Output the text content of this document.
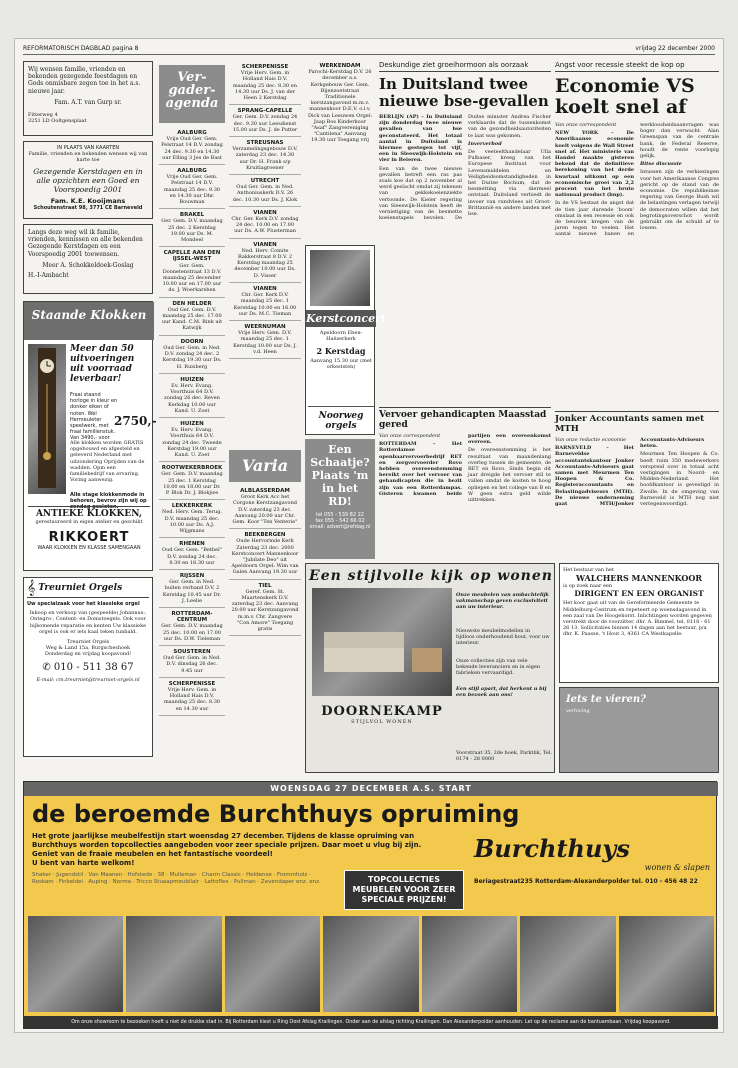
REFORMATORISCH DAGBLAD pagina 8	vrijdag 22 december 2000
Wij wensen familie, vrienden en bekenden gezegende feestdagen en Gods onmisbare zegen toe in het a.s. nieuwe jaar.
Fam. A.T. van Gurp sr.
Fitterweg 4
3251 LD Ooltgensplaat
IN PLAATS VAN KAARTEN
Familie, vrienden en bekenden wensen wij van harte toe
Gezegende Kerstdagen en in alle opzichten een Goed en Voorspoedig 2001
Fam. K.E. Kooijmans
Schoutenstraat 98, 3771 CE Barneveld
Langs deze weg wil ik familie, vrienden, kennissen en alle bekenden Gezegende Kerstdagen en een Voorspoedig 2001 toewensen.
Meer A. Schokkeldoek-Goslag
H.-I-Ambacht
Staande Klokken
Meer dan 50
uitvoeringen
uit voorraad
leverbaar!
Fraai staand horloge in kleur en donker eiken of noten. Wel Hermeuleter speelwerk, met fraai famillenstuk. Van 3490,- voor
2750,-
Alle klokken worden GRATIS opgebouwd en afgesteld en geleverd Nederland met uitzondering Oprijden van de wadden. Opm een familiebedrijf van ervaring. Voring aanwezig.
Alle stage klokkenmode in behoren, bevrov zijn wij op zondag gesloten.
ANTIEKE KLOKKEN,
gerestaureerd in eigen atelier en geschikt
RIKKOERT
WAAR KLOKKEN EN KLASSE SAMENGAAN
𝄞 Treurniet Orgels
Uw specialzaak voor het klassieke orgel
Inkoop en verkoop van (gespeelde) Johannus-, Ontegro-, Content- en Domstoegels. Ook voor bijkomende reparatie en kenten Uw klassieke orgel is ook er iets kaal teken tunbald.
Treurniet Orgels
Weg & Land 15a, Burgscheshoek
Donderdag en vrijdag koopavond!
✆ 010 - 511 38 67
E-mail: cm.treurniet@treurniet-orgels.nl
Ver-gader-agenda
AALBURG
Vrije Oud Ger. Gem. Pelstraat 14 D.V. zondag 24 dec. 9.30 en 14.30 uur Elling 3 Jes de Bast
AALBURG
Vrije Oud Ger. Gem. Pelstraat 14 D.V. maandag 25 dec. 9.30 en 14.30 uur Dhr. Bouwman
BRAKEL
Ger. Gem. D.V. maandag 25 dec. 2 Kerstdag 19.00 uur Ds. M. Mondeel
CAPELLE AAN DEN IJSSEL-WEST
Ger. Gem. Doonetenstraat 13 D.V. maandag 25 december 10.00 uur en 17.00 uur ds. J. Woerkarsben
DEN HELDER
Oud Ger. Gem. D.V. maandag 25 dec. 17.00 uur Kand. C.M. Rink uit Katwijk
DOORN
Oud Ger. Gem. in Ned. D.V. zondag 24 dec. 2 Kerstdag 19.30 uur Ds. H. Ruisberg
HUIZEN
Ev. Herv. Evang. Voorthuis 64 D.V. zondag 26 dec. Reven Kerkdag 10.00 uur Kand. U. Zoet
HUIZEN
Ev. Herv. Evang. Voorthuis 64 D.V. zondag 24 dec. Tweede Kerstdag 19.00 uur Kand. U. Zoet
ROOTWEKERBROEK
Ger. Gem. D.V. maandag 25 dec. 1 Kerstdag 10.00 en 18.00 uur Dr. P. Blok Dr. J. Blokjwe
LEKKERKERK
Ned. Herv. Gem. Terug. D.V. maandag 25 dec. 10.00 uur Ds. A.J. Wijgmans
RHENEN
Oud Ger. Gem. "Bethel" D.V. zondag 24 dec. 8.30 en 18.30 uur
RIJSSEN
Ger. Gem. in Ned. buiten verband D.V. 2 Kerstdag 10.45 uur Dr. J. Leelie
ROTTERDAM-CENTRUM
Ger. Gem. D.V. maandag 25 dec. 10.00 en 17.00 uur Ds. D.W. Tieleman
SOUSTEREN
Oud Ger. Gem. in Ned. D.V. dinsdag 26 dec. 9.45 uur
SCHERPENISSE
Vrije Herv. Gem. in Holland Hais D.V. maandag 25 dec. 8.30 en 14.30 uur
SCHERPENISSE
Vrije Herv. Gem. in Holland Hais D.V. maandag 25 dec. 8.30 en 14.30 uur Ds. J. van der Heen 2 Kerstdag
SPRANG-CAPELLE
Ger. Gem. D.V. zondag 24 dec. 9.30 uur Leesdienst 15.00 uur Ds. J. de Putter
STREUSNAS
Verzamelingsgebouw D.V. zaterdag 23 dec. 14.30 uur Dr. H. Frank s/p Kruitlagroener
UTRECHT
Oud Ger. Gem. in Ned. Anthoniuskerk D.V. 26 dec. 10.30 uur Ds. J. Klok
VIANEN
Chr. Ger. Kerk D.V. zondag 24 dec. 10.00 en 17.00 uur Ds. A.W. Plusterman
VIANEN
Ned. Herv. Comite Rakkerstraat 8 D.V. 2 Kerstdag maandag 25 december 10.00 uur Ds. D. Visser
VIANEN
Chr. Ger. Kerk D.V. maandag 25 dec. 1 Kerstdag 10.00 en 16.00 uur Ds. M.C. Tieman
WEERNUMAN
Vrije Herv. Gem. D.V. maandag 25 dec. 1 Kerstdag 10.00 uur Ds. J. v.d. Heen
Varia
ALBLASSERDAM
Groot Kerk Acc het Corgone Kerstzangavond D.V. zaterdag 23 dec. Aanvang 20.00 uur Chr. Gem. Koor "Ten Venterie"
BEEKBERGEN
Oude Hervormde Kerk Zaterdag 23 dec. 2000 Kerstconcert Mannenkoor "Jubilate Deo" uit Apeldoorn Orgel: Wim van Galen Aanvang 19.30 uur
TIEL
Geref. Gem. St. Maartenskerk D.V. zaterdag 23 dec. Aanvang 20.00 uur Kerstzangavond m.m.v. Chr. Zangvere "Con Amore" Toegang gratis
WERKENDAM
Parochi-Kerstdag D.V. 26 december a.s. Kerkgebouw Ger. Gem. Bijenzoetstraat Traditionele kerstzangavond m.m.v. mannenkoor D.E.V. o.l.v. Dick van Leeuwen Orgel: Jaap Bos Kinderkoor "Asaf" Zangvereniging "Cantilena" Aanvang 19.30 uur Toegang vrij
Kerstconcert
Apeldoorn Eben-Haëzerkerk
2 Kerstdag
Aanvang 15.30 uur (met orkeststen)
Noorweg orgels
Een Schaatje? Plaats 'm in het RD!
tel 055 - 539 82 22
fax 055 - 542 66 02
email: advert@refdag.nl
Deskundige ziet groeihormoon als oorzaak
In Duitsland twee nieuwe bse-gevallen

BERLIJN (AP) – In Duitsland zijn donderdag twee nieuwe gevallen van bse geconstateerd. Het totaal aantal in Duitsland is hiermee gestegen tot vijf, een in Sleeswijk-Holstein en vier in Beieren.

Een van de twee nieuwe gevallen betreft een ras pas zoals koe dat op 2 november al werd geslacht omdat zij tekenen van gekkekoeienziekte vertoonde. De Kieler regering van Sleeswijk-Holstein heeft de vernietiging van de besmette koeienstapels bevolen. De Duitse minister Andrea Fischer verklaarde dat de tussenkomst van de gezondheidsautoriteiten te laat was gekomen.

Inververbod

De veeteelthandelaar Ulla Pulbaser, kreeg van het Europese Instituut voor Levensmiddelen en Veiligheidsomstandigheden in het Duitse Bochum, dat de besmetting via diermeel ontstaat. Duitsland verbiedt de invoer van rundvlees uit Groot-Brittannië en andere landen met bse.

Vervoer gehandicapten Maasstad gered

Van onze correspondent

ROTTERDAM – Het Rotterdamse openbaarvervoerbedrijf RET en zorgvervoerder Rovo hebben overeenstemming bereikt over het vervoer van gehandicapten die in bezit zijn van een Rotterdampas. Gisteren kwamen beide partijen een overeenkomst overeen.

De overeenstemming is het resultaat van maandenlang overleg tussen de gemeente, de RET en Rovo. Sinds begin dit jaar dreigde het vervoer stil te vallen omdat de kosten te hoog opliepen en het college van B en W geen extra geld wilde uittrekken.

Angst voor recessie steekt de kop op
Economie VS koelt snel af

Van onze correspondent

NEW YORK – De Amerikaanse economie koelt volgens de Wall Street snel af. Het ministerie van Handel maakte gisteren bekend dat de definitieve berekening van het derde kwartaal uitkomt op een economische groei van 2,2 procent van het bruto nationaal product (bnp).

In de VS bestaat de angst dat de tien jaar durende 'boom' omslaat in een recessie en ook de beurzen kregen van de jaren tegen te voelen. Het aantal nieuwe banen en werkloosheidsaanvragen was hoger dan verwacht. Alan Greenspan van de centrale bank, de Federal Reserve, houdt de rente voorlopig gelijk.

Bitse discussie

Intussen zijn de verkiezingen voor het Amerikaanse Congres gericht op de stand van de economie. De republikeinse regering van George Bush wil de belastingen verlagen terwijl de democraten willen dat het begrotingsoverschot wordt gebruikt om de schuld af te lossen.

Jonker Accountants samen met MTH

Van onze redactie economie

BARNEVELD – Het Barneveldse accountantskantoor Jonker Accountants-Adviseurs gaat samen met Meurmen Ten Hoopen & Co. Registeraccountants en Belastingadviseurs (MTH). De nieuwe onderneming gaat MTH/Jonker Accountants-Adviseurs heten.

Meurmen Ten Hoopen & Co. heeft ruim 350 medewerkers verspreid over in totaal acht vestigingen in Noord- en Midden-Nederland. Het hoofdkantoor is gevestigd in Zwolle. In de omgeving van Barneveld is MTH nog niet vertegenwoordigd.

Een stijlvolle kijk op wonen
Onze meubelen van ambachtelijk vakmanschap geven exclusiviteit aan uw interieur.
Nieuwste meubelmodellen in tijdloos onderhoudend hout, voor uw interieur.
Onze collecties zijn van vele bekende leveranciers en in eigen fabrieken vervaardigd.
Een stijl apart, dat herkent u bij een bezoek aan ons!
DOORNEKAMP
STIJLVOL WONEN
Voorstraat 35, 2de hoek, Parktlik, Tel. 0174 - 28 0000
Het bestuur van het
WALCHERS MANNENKOOR
is op zoek naar een
DIRIGENT EN EEN ORGANIST
Het koor gaat uit van de Gereformeerde Gemeente te Middelburg-Centrum en repeteert op woensdagavond in een zaal van De Hoogehorst. Inlichtingen worden gegeven verstrekt door de voorzitter, dhr. A. Bimmel, tel. 0118 - 61 26 13. Sollicitaties binnen 14 dagen aan het bestuur, p/a dhr. K. Paasse, 't Hout 3, 4361 CA Westkapelle.
Iets te vieren?
verloving
WOENSDAG 27 DECEMBER A.S. START
de beroemde Burchthuys opruiming
Het grote jaarlijkse meubelfestijn start woensdag 27 december. Tijdens de klasse opruiming van
Burchthuys worden topcollecties aangeboden voor zeer speciale prijzen. Daar moet u vlug bij zijn.
Geniet van de fraaie meubelen en het fantastische voordeel!
U bent van harte welkom!
Shaker · Jugendstil · Van Maanen · Hofstede · 38 · Mulleman · Charm Classic · Heldense · Frommholz · Roskam · Finkeldei · Auping · Norma · Tricco Stuaapmeubilair · Lattoflex · Pullman · Zevendaper enz. enz.	TOPCOLLECTIES MEUBELEN VOOR ZEER SPECIALE PRIJZEN!
Burchthuys
wonen & slapen
Beriagestraat235 Rotterdam-Alexanderpolder tel. 010 - 456 48 22
Om onze showroom te bezoeken hoeft u niet de drukke stad in. Bij Rotterdam kiest u Ring Oost Afslag Krailingen. Onder aan de afslag richting Krailingen. Dan Alexanderpolder aanhouden. Let op de reclame aan de bantuambaan. Vrijdag koopavond.
